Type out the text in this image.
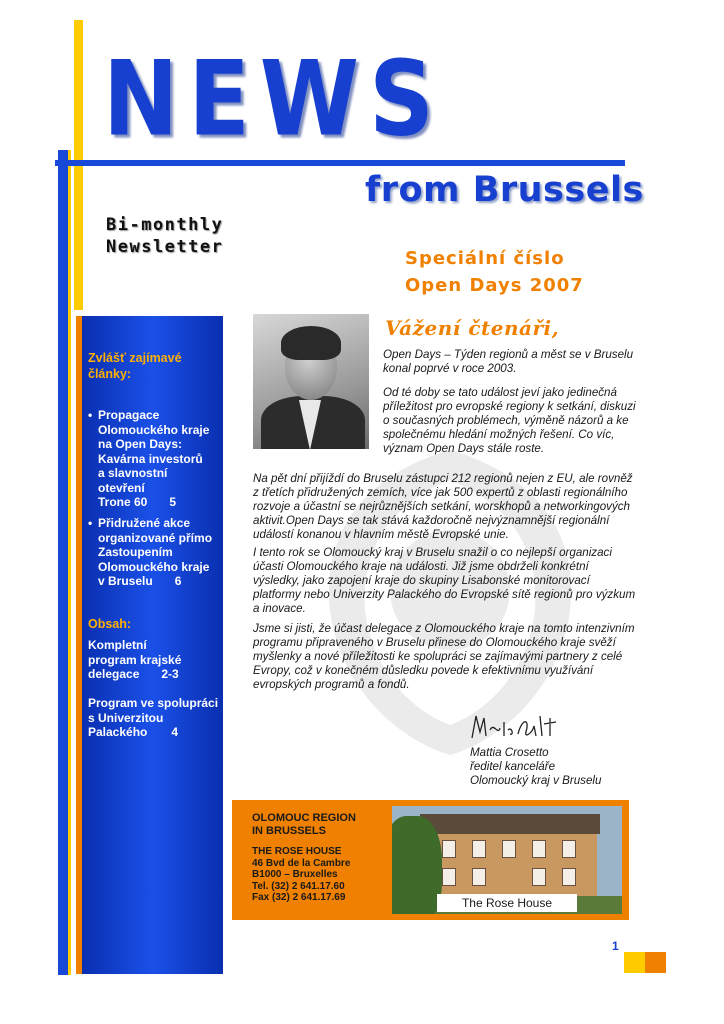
NEWS
from Brussels
Bi-monthly
Newsletter
Speciální číslo
Open Days 2007
Zvlášť zajímavé
články:
• Propagace
Olomouckého kraje
na Open Days:
Kavárna investorů
a slavnostní
otevření
Trone 60 5
• Přidružené akce
organizované přímo
Zastoupením
Olomouckého kraje
v Bruselu 6
Obsah:
Kompletní
program krajské
delegace 2-3
Program ve spolupráci
s Univerzitou
Palackého 4
Vážení čtenáři,
Open Days – Týden regionů a měst se v Bruselu
konal poprvé v roce 2003.
Od té doby se tato událost jeví jako jedinečná
příležitost pro evropské regiony k setkání, diskuzi
o současných problémech, výměně názorů a ke
společnému hledání možných řešení. Co víc,
význam Open Days stále roste.
Na pět dní přijíždí do Bruselu zástupci 212 regionů nejen z EU, ale rovněž
z třetích přidružených zemích, více jak 500 expertů z oblasti regionálního
rozvoje a účastní se nejrůznějších setkání, worskhopů a networkingových
aktivit.Open Days se tak stává každoročně nejvýznamnější regionální
událostí konanou v hlavním městě Evropské unie.
I tento rok se Olomoucký kraj v Bruselu snažil o co nejlepší organizaci
účasti Olomouckého kraje na události. Již jsme obdrželi konkrétní
výsledky, jako zapojení kraje do skupiny Lisabonské monitorovací
platformy nebo Univerzity Palackého do Evropské sítě regionů pro výzkum
a inovace.
Jsme si jisti, že účast delegace z Olomouckého kraje na tomto intenzivním
programu připraveného v Bruselu přinese do Olomouckého kraje svěží
myšlenky a nové příležitosti ke spolupráci se zajímavými partnery z celé
Evropy, což v konečném důsledku povede k efektivnímu využívání
evropských programů a fondů.
Mattia Crosetto
ředitel kanceláře
Olomoucký kraj v Bruselu
OLOMOUC REGION
IN BRUSSELS
THE ROSE HOUSE
46 Bvd de la Cambre
B1000 – Bruxelles
Tel. (32) 2 641.17.60
Fax (32) 2 641.17.69	The Rose House
1
